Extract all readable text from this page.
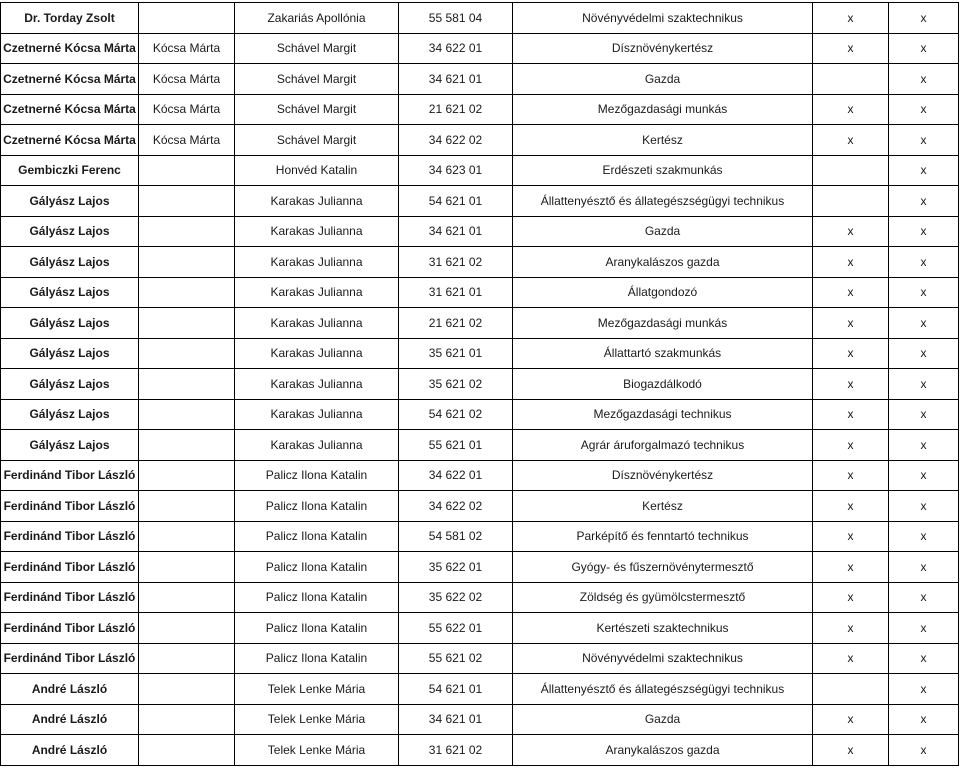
Dr. Torday Zsolt		Zakariás Apollónia	55 581 04	Növényvédelmi szaktechnikus	x	x
Czetnerné Kócsa Márta	Kócsa Márta	Schável Margit	34 622 01	Dísznövénykertész	x	x
Czetnerné Kócsa Márta	Kócsa Márta	Schável Margit	34 621 01	Gazda		x
Czetnerné Kócsa Márta	Kócsa Márta	Schável Margit	21 621 02	Mezőgazdasági munkás	x	x
Czetnerné Kócsa Márta	Kócsa Márta	Schável Margit	34 622 02	Kertész	x	x
Gembiczki Ferenc		Honvéd Katalin	34 623 01	Erdészeti szakmunkás		x
Gályász Lajos		Karakas Julianna	54 621 01	Állattenyésztő és állategészségügyi technikus		x
Gályász Lajos		Karakas Julianna	34 621 01	Gazda	x	x
Gályász Lajos		Karakas Julianna	31 621 02	Aranykalászos gazda	x	x
Gályász Lajos		Karakas Julianna	31 621 01	Állatgondozó	x	x
Gályász Lajos		Karakas Julianna	21 621 02	Mezőgazdasági munkás	x	x
Gályász Lajos		Karakas Julianna	35 621 01	Állattartó szakmunkás	x	x
Gályász Lajos		Karakas Julianna	35 621 02	Biogazdálkodó	x	x
Gályász Lajos		Karakas Julianna	54 621 02	Mezőgazdasági technikus	x	x
Gályász Lajos		Karakas Julianna	55 621 01	Agrár áruforgalmazó technikus	x	x
Ferdinánd Tibor László		Palicz Ilona Katalin	34 622 01	Dísznövénykertész	x	x
Ferdinánd Tibor László		Palicz Ilona Katalin	34 622 02	Kertész	x	x
Ferdinánd Tibor László		Palicz Ilona Katalin	54 581 02	Parképítő és fenntartó technikus	x	x
Ferdinánd Tibor László		Palicz Ilona Katalin	35 622 01	Gyógy- és fűszernövénytermesztő	x	x
Ferdinánd Tibor László		Palicz Ilona Katalin	35 622 02	Zöldség és gyümölcstermesztő	x	x
Ferdinánd Tibor László		Palicz Ilona Katalin	55 622 01	Kertészeti szaktechnikus	x	x
Ferdinánd Tibor László		Palicz Ilona Katalin	55 621 02	Növényvédelmi szaktechnikus	x	x
André László		Telek Lenke Mária	54 621 01	Állattenyésztő és állategészségügyi technikus		x
André László		Telek Lenke Mária	34 621 01	Gazda	x	x
André László		Telek Lenke Mária	31 621 02	Aranykalászos gazda	x	x
